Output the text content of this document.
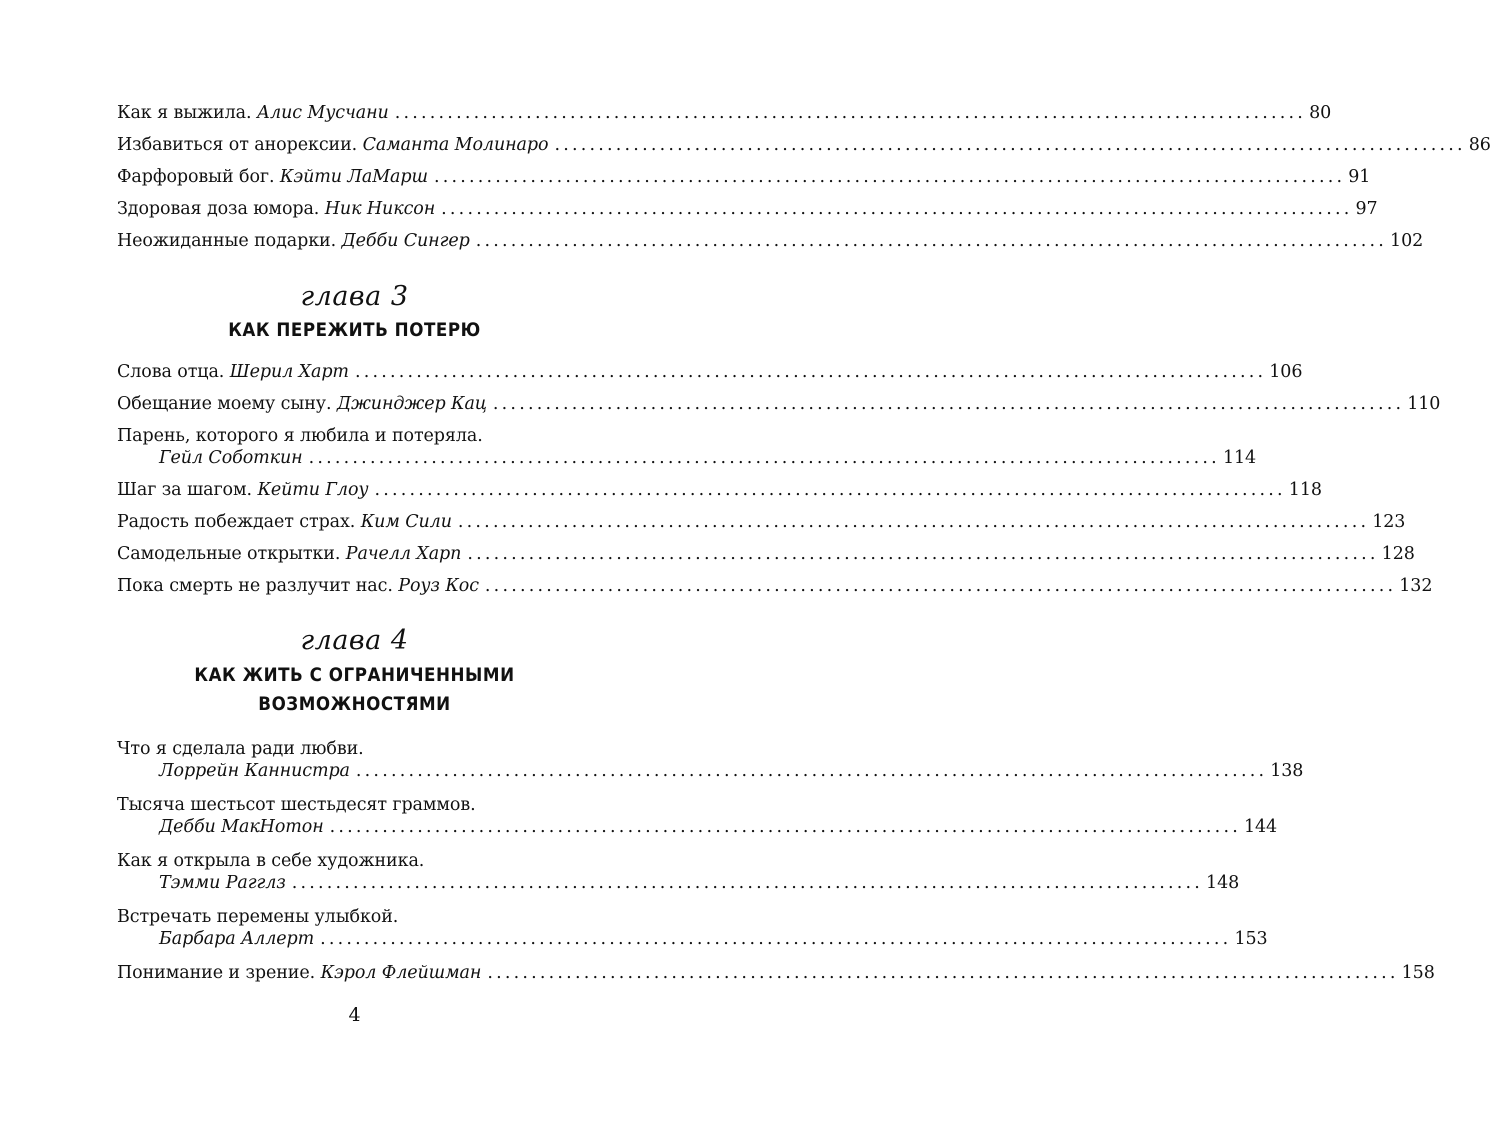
Как я выжила.
Алис Мусчани ........................................................................................................ 80
Избавиться от анорексии.
Саманта Молинаро ........................................................................................................ 86
Фарфоровый бог.
Кэйти ЛаМарш ........................................................................................................ 91
Здоровая доза юмора.
Ник Никсон ........................................................................................................ 97
Неожиданные подарки.
Дебби Сингер ........................................................................................................ 102
глава 3
КАК ПЕРЕЖИТЬ ПОТЕРЮ
Слова отца.
Шерил Харт ........................................................................................................ 106
Обещание моему сыну.
Джинджер Кац ........................................................................................................ 110
Парень, которого я любила и потеряла.
Гейл Соботкин ........................................................................................................ 114
Шаг за шагом.
Кейти Глоу ........................................................................................................ 118
Радость побеждает страх.
Ким Сили ........................................................................................................ 123
Самодельные открытки.
Рачелл Харп ........................................................................................................ 128
Пока смерть не разлучит нас.
Роуз Кос ........................................................................................................ 132
глава 4
КАК ЖИТЬ С ОГРАНИЧЕННЫМИ
ВОЗМОЖНОСТЯМИ
Что я сделала ради любви.
Лоррейн Каннистра ........................................................................................................ 138
Тысяча шестьсот шестьдесят граммов.
Дебби МакНотон ........................................................................................................ 144
Как я открыла в себе художника.
Тэмми Рагглз ........................................................................................................ 148
Встречать перемены улыбкой.
Барбара Аллерт ........................................................................................................ 153
Понимание и зрение.
Кэрол Флейшман ........................................................................................................ 158
4
